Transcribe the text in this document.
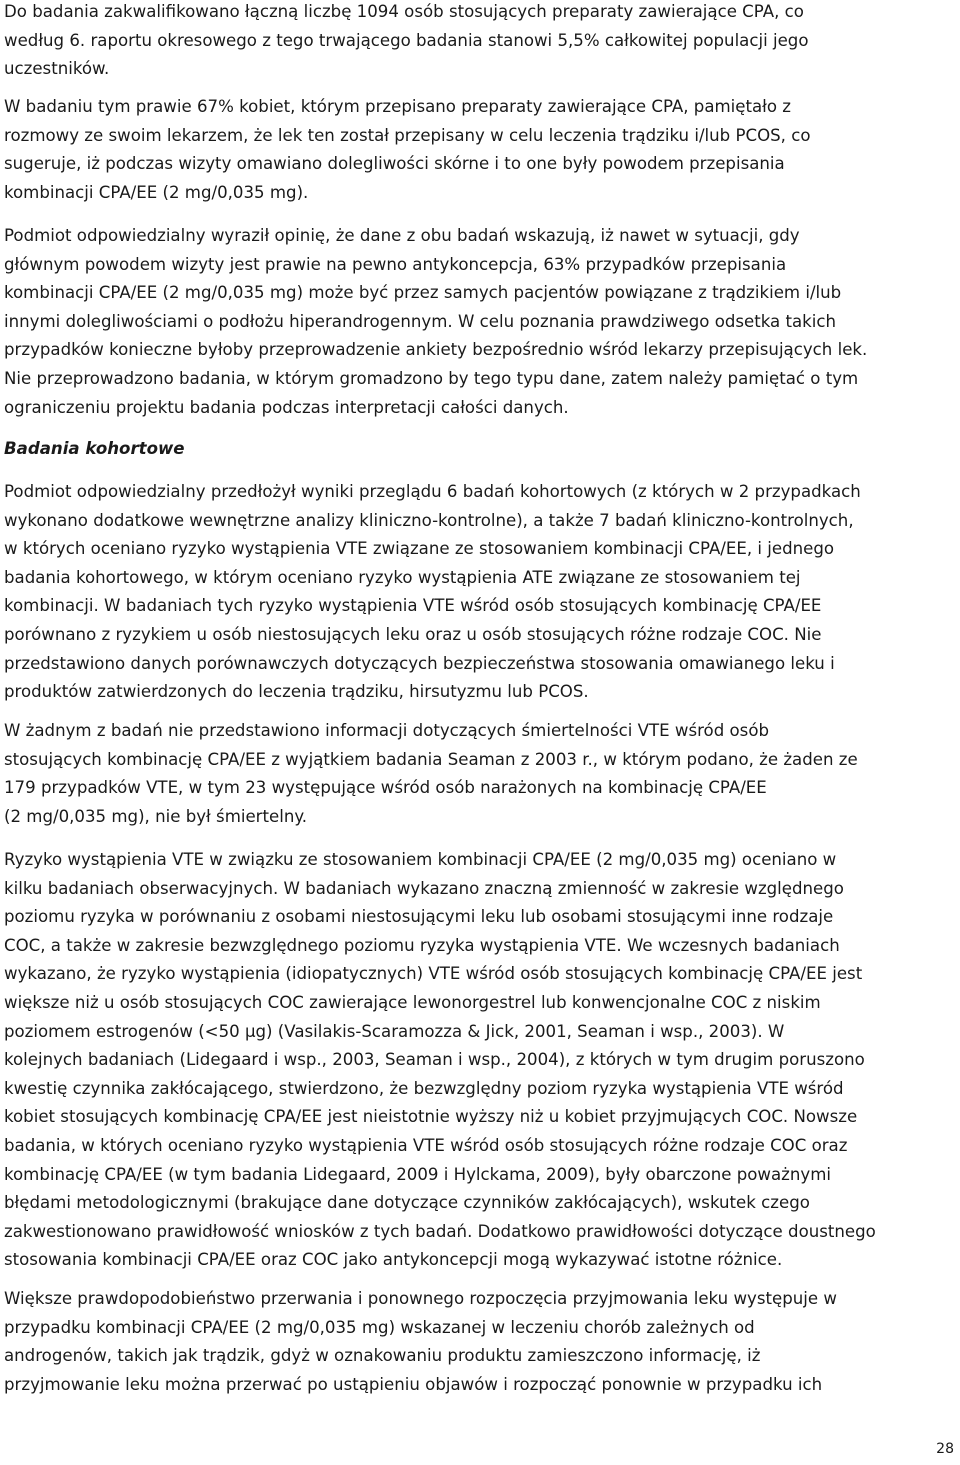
Do badania zakwalifikowano łączną liczbę 1094 osób stosujących preparaty zawierające CPA, co
według 6. raportu okresowego z tego trwającego badania stanowi 5,5% całkowitej populacji jego
uczestników.

W badaniu tym prawie 67% kobiet, którym przepisano preparaty zawierające CPA, pamiętało z
rozmowy ze swoim lekarzem, że lek ten został przepisany w celu leczenia trądziku i/lub PCOS, co
sugeruje, iż podczas wizyty omawiano dolegliwości skórne i to one były powodem przepisania
kombinacji CPA/EE (2 mg/0,035 mg).

Podmiot odpowiedzialny wyraził opinię, że dane z obu badań wskazują, iż nawet w sytuacji, gdy
głównym powodem wizyty jest prawie na pewno antykoncepcja, 63% przypadków przepisania
kombinacji CPA/EE (2 mg/0,035 mg) może być przez samych pacjentów powiązane z trądzikiem i/lub
innymi dolegliwościami o podłożu hiperandrogennym. W celu poznania prawdziwego odsetka takich
przypadków konieczne byłoby przeprowadzenie ankiety bezpośrednio wśród lekarzy przepisujących lek.
Nie przeprowadzono badania, w którym gromadzono by tego typu dane, zatem należy pamiętać o tym
ograniczeniu projektu badania podczas interpretacji całości danych.

Badania kohortowe

Podmiot odpowiedzialny przedłożył wyniki przeglądu 6 badań kohortowych (z których w 2 przypadkach
wykonano dodatkowe wewnętrzne analizy kliniczno-kontrolne), a także 7 badań kliniczno-kontrolnych,
w których oceniano ryzyko wystąpienia VTE związane ze stosowaniem kombinacji CPA/EE, i jednego
badania kohortowego, w którym oceniano ryzyko wystąpienia ATE związane ze stosowaniem tej
kombinacji. W badaniach tych ryzyko wystąpienia VTE wśród osób stosujących kombinację CPA/EE
porównano z ryzykiem u osób niestosujących leku oraz u osób stosujących różne rodzaje COC. Nie
przedstawiono danych porównawczych dotyczących bezpieczeństwa stosowania omawianego leku i
produktów zatwierdzonych do leczenia trądziku, hirsutyzmu lub PCOS.

W żadnym z badań nie przedstawiono informacji dotyczących śmiertelności VTE wśród osób
stosujących kombinację CPA/EE z wyjątkiem badania Seaman z 2003 r., w którym podano, że żaden ze
179 przypadków VTE, w tym 23 występujące wśród osób narażonych na kombinację CPA/EE
(2 mg/0,035 mg), nie był śmiertelny.

Ryzyko wystąpienia VTE w związku ze stosowaniem kombinacji CPA/EE (2 mg/0,035 mg) oceniano w
kilku badaniach obserwacyjnych. W badaniach wykazano znaczną zmienność w zakresie względnego
poziomu ryzyka w porównaniu z osobami niestosującymi leku lub osobami stosującymi inne rodzaje
COC, a także w zakresie bezwzględnego poziomu ryzyka wystąpienia VTE. We wczesnych badaniach
wykazano, że ryzyko wystąpienia (idiopatycznych) VTE wśród osób stosujących kombinację CPA/EE jest
większe niż u osób stosujących COC zawierające lewonorgestrel lub konwencjonalne COC z niskim
poziomem estrogenów (<50 μg) (Vasilakis-Scaramozza & Jick, 2001, Seaman i wsp., 2003). W
kolejnych badaniach (Lidegaard i wsp., 2003, Seaman i wsp., 2004), z których w tym drugim poruszono
kwestię czynnika zakłócającego, stwierdzono, że bezwzględny poziom ryzyka wystąpienia VTE wśród
kobiet stosujących kombinację CPA/EE jest nieistotnie wyższy niż u kobiet przyjmujących COC. Nowsze
badania, w których oceniano ryzyko wystąpienia VTE wśród osób stosujących różne rodzaje COC oraz
kombinację CPA/EE (w tym badania Lidegaard, 2009 i Hylckama, 2009), były obarczone poważnymi
błędami metodologicznymi (brakujące dane dotyczące czynników zakłócających), wskutek czego
zakwestionowano prawidłowość wniosków z tych badań. Dodatkowo prawidłowości dotyczące doustnego
stosowania kombinacji CPA/EE oraz COC jako antykoncepcji mogą wykazywać istotne różnice.

Większe prawdopodobieństwo przerwania i ponownego rozpoczęcia przyjmowania leku występuje w
przypadku kombinacji CPA/EE (2 mg/0,035 mg) wskazanej w leczeniu chorób zależnych od
androgenów, takich jak trądzik, gdyż w oznakowaniu produktu zamieszczono informację, iż
przyjmowanie leku można przerwać po ustąpieniu objawów i rozpocząć ponownie w przypadku ich

28
